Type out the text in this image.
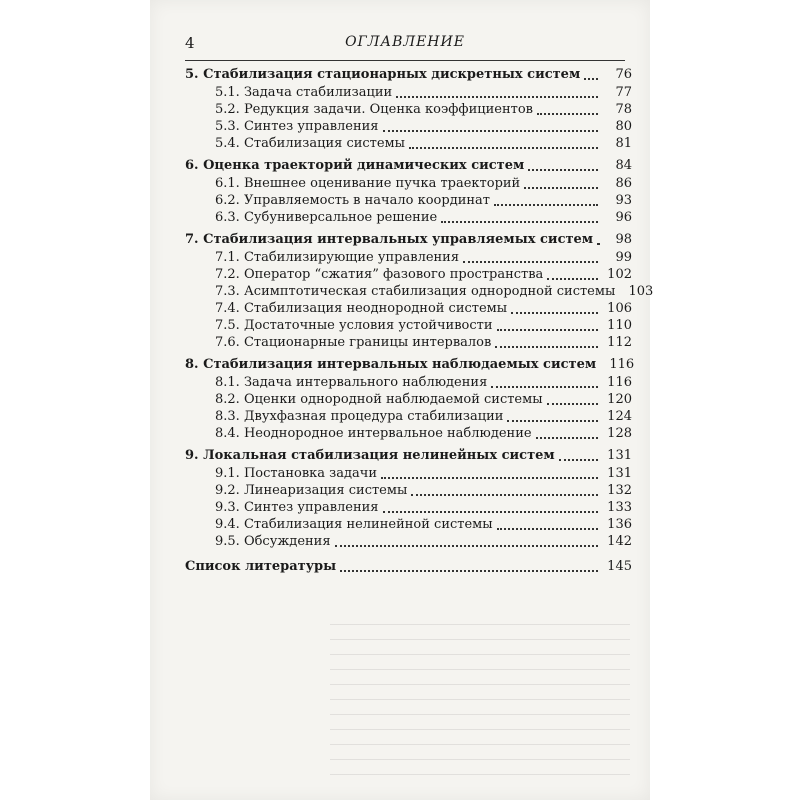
4	ОГЛАВЛЕНИЕ
5. Стабилизация стационарных дискретных систем	76
5.1. Задача стабилизации	77
5.2. Редукция задачи. Оценка коэффициентов	78
5.3. Синтез управления	80
5.4. Стабилизация системы	81
6. Оценка траекторий динамических систем	84
6.1. Внешнее оценивание пучка траекторий	86
6.2. Управляемость в начало координат	93
6.3. Субуниверсальное решение	96
7. Стабилизация интервальных управляемых систем	98
7.1. Стабилизирующие управления	99
7.2. Оператор “сжатия” фазового пространства	102
7.3. Асимптотическая стабилизация однородной системы	103
7.4. Стабилизация неоднородной системы	106
7.5. Достаточные условия устойчивости	110
7.6. Стационарные границы интервалов	112
8. Стабилизация интервальных наблюдаемых систем	116
8.1. Задача интервального наблюдения	116
8.2. Оценки однородной наблюдаемой системы	120
8.3. Двухфазная процедура стабилизации	124
8.4. Неоднородное интервальное наблюдение	128
9. Локальная стабилизация нелинейных систем	131
9.1. Постановка задачи	131
9.2. Линеаризация системы	132
9.3. Синтез управления	133
9.4. Стабилизация нелинейной системы	136
9.5. Обсуждения	142
Список литературы	145
